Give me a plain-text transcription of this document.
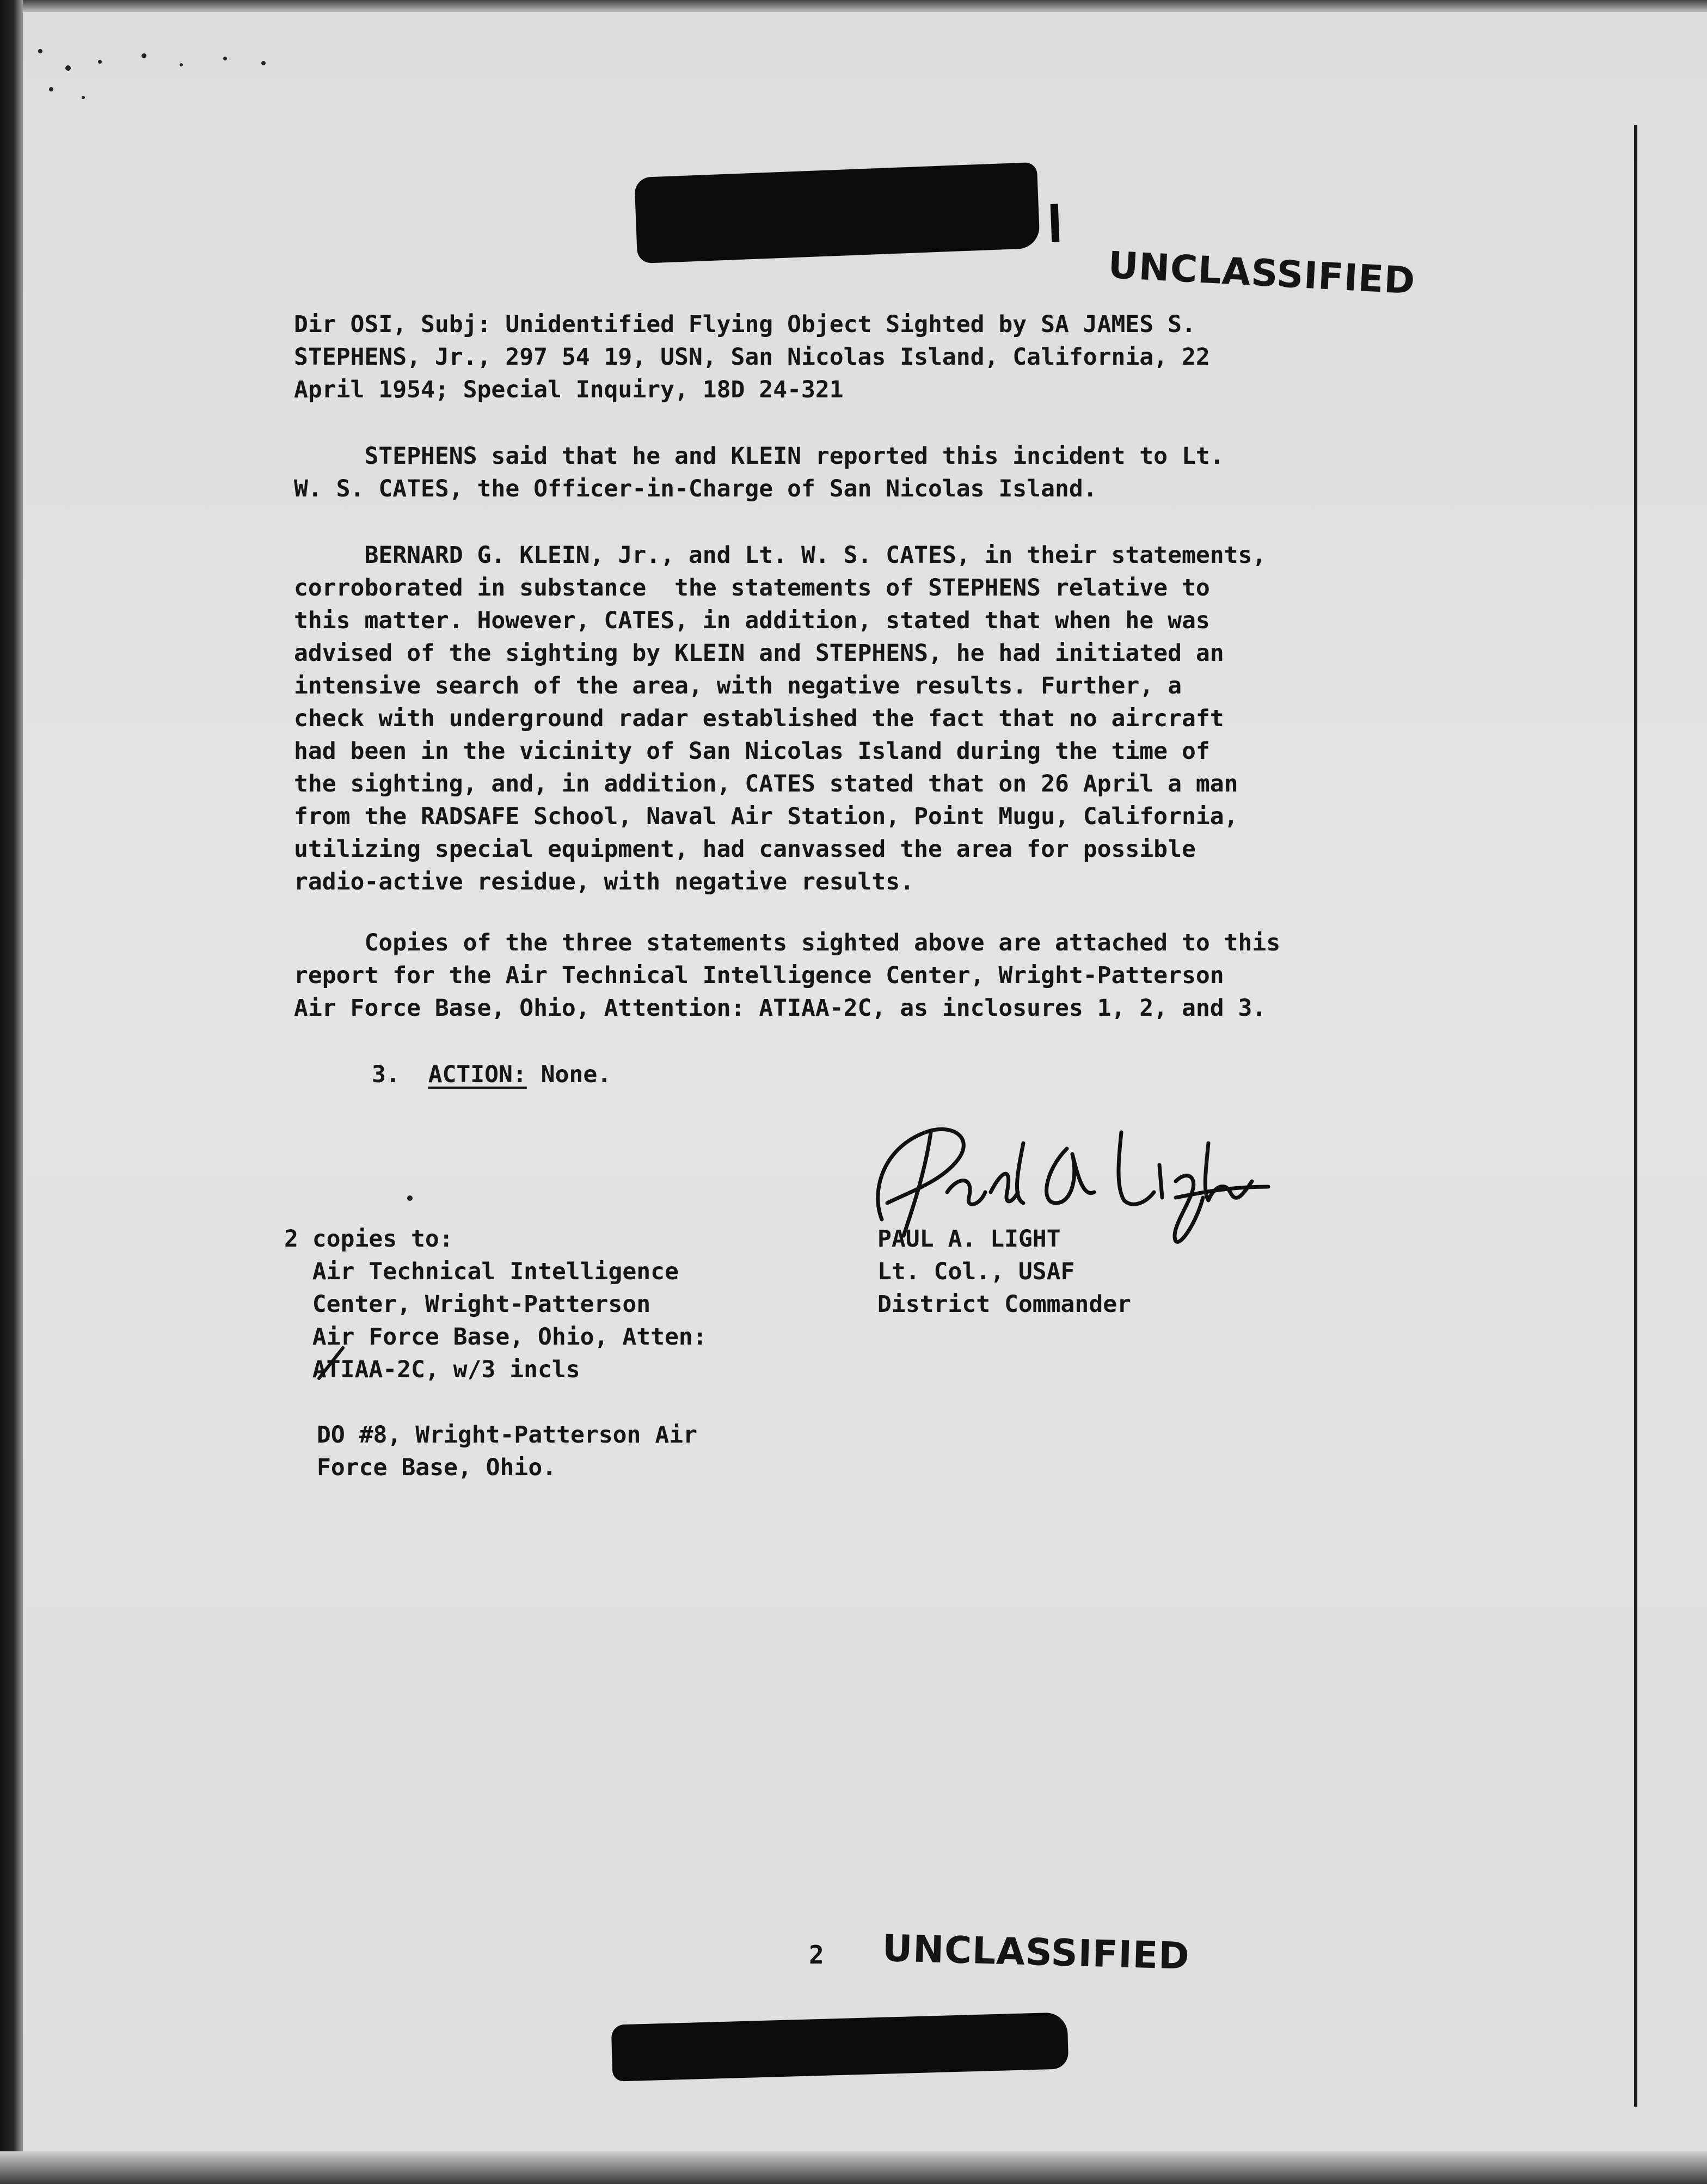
UNCLASSIFIED
Dir OSI, Subj: Unidentified Flying Object Sighted by SA JAMES S.
STEPHENS, Jr., 297 54 19, USN, San Nicolas Island, California, 22
April 1954; Special Inquiry, 18D 24-321
STEPHENS said that he and KLEIN reported this incident to Lt.
W. S. CATES, the Officer-in-Charge of San Nicolas Island.
BERNARD G. KLEIN, Jr., and Lt. W. S. CATES, in their statements,
corroborated in substance  the statements of STEPHENS relative to
this matter. However, CATES, in addition, stated that when he was
advised of the sighting by KLEIN and STEPHENS, he had initiated an
intensive search of the area, with negative results. Further, a
check with underground radar established the fact that no aircraft
had been in the vicinity of San Nicolas Island during the time of
the sighting, and, in addition, CATES stated that on 26 April a man
from the RADSAFE School, Naval Air Station, Point Mugu, California,
utilizing special equipment, had canvassed the area for possible
radio-active residue, with negative results.
Copies of the three statements sighted above are attached to this
report for the Air Technical Intelligence Center, Wright-Patterson
Air Force Base, Ohio, Attention: ATIAA-2C, as inclosures 1, 2, and 3.
3. ACTION: None.
PAUL A. LIGHT
Lt. Col., USAF
District Commander
2 copies to:
Air Technical Intelligence
Center, Wright-Patterson
Air Force Base, Ohio, Atten:
ATIAA-2C, w/3 incls
DO #8, Wright-Patterson Air
Force Base, Ohio.
2 UNCLASSIFIED
